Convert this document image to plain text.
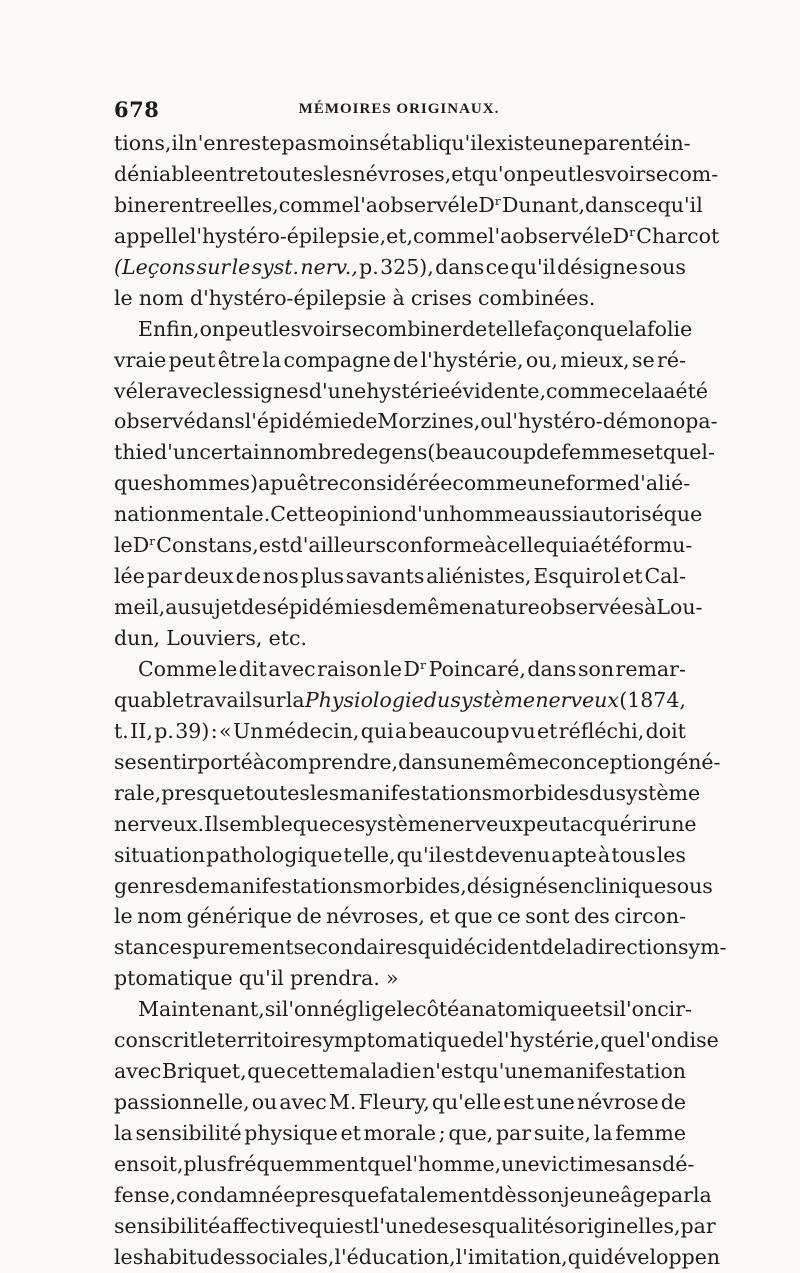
678	MÉMOIRES ORIGINAUX.
tions, il n'en reste pas moins établi qu'il existe une parenté in-
déniable entre toutes les névroses, et qu'on peut les voir se com-
biner entre elles, comme l'a observé le Dʳ Dunant, dans ce qu'il
appelle l'hystéro-épilepsie, et, comme l'a observé le Dʳ Charcot
(Leçons sur le syst. nerv., p. 325), dans ce qu'il désigne sous
le nom d'hystéro-épilepsie à crises combinées.
Enfin, on peut les voir se combiner de telle façon que la folie
vraie peut être la compagne de l'hystérie, ou, mieux, se ré-
véler avec les signes d'une hystérie évidente, comme cela a été
observé dans l'épidémie de Morzines, ou l'hystéro-démonopa-
thie d'un certain nombre de gens (beaucoup de femmes et quel-
ques hommes) a pu être considérée comme une forme d'alié-
nation mentale. Cette opinion d'un homme aussi autorisé que
le Dʳ Constans, est d'ailleurs conforme à celle qui a été formu-
lée par deux de nos plus savants aliénistes, Esquirol et Cal-
meil, au sujet des épidémies de même nature observées à Lou-
dun, Louviers, etc.
Comme le dit avec raison le Dʳ Poincaré, dans son remar-
quable travail sur la Physiologie du système nerveux (1874,
t. II, p. 39) : « Un médecin, qui a beaucoup vu et réfléchi, doit
se sentir porté à comprendre, dans une même conception géné-
rale, presque toutes les manifestations morbides du système
nerveux. Il semble que ce système nerveux peut acquérir une
situation pathologique telle, qu'il est devenu apte à tous les
genres de manifestations morbides, désignés en clinique sous
le nom générique de névroses, et que ce sont des circon-
stances purement secondaires qui décident de la direction sym-
ptomatique qu'il prendra. »
Maintenant, si l'on néglige le côté anatomique et si l'on cir-
conscrit le territoire symptomatique de l'hystérie, que l'on dise
avec Briquet, que cette maladie n'est qu'une manifestation
passionnelle, ou avec M. Fleury, qu'elle est une névrose de
la sensibilité physique et morale ; que, par suite, la femme
en soit, plus fréquemment que l'homme, une victime sans dé-
fense, condamnée presque fatalement dès son jeune âge par la
sensibilité affective qui est l'une de ses qualités originelles, par
les habitudes sociales, l'éducation, l'imitation, qui développen
